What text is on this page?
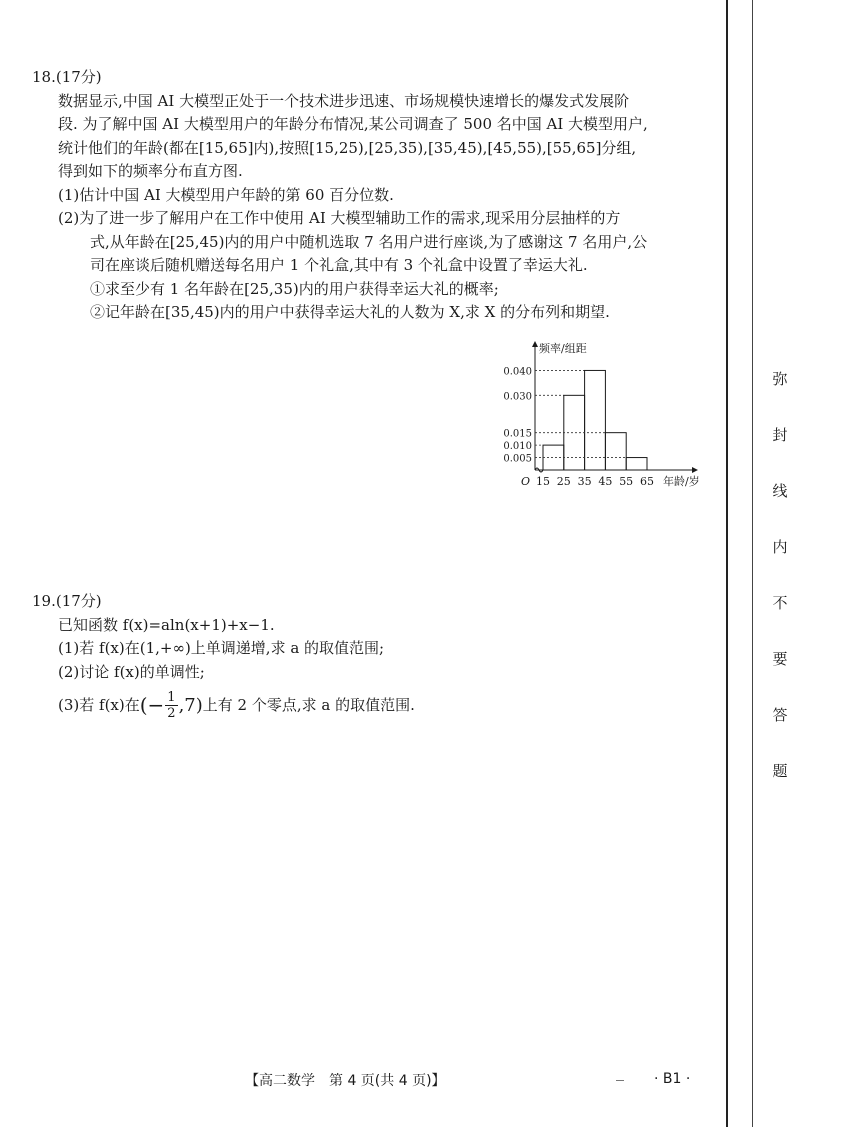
18.(17分)
数据显示,中国 AI 大模型正处于一个技术进步迅速、市场规模快速增长的爆发式发展阶
段. 为了解中国 AI 大模型用户的年龄分布情况,某公司调查了 500 名中国 AI 大模型用户,
统计他们的年龄(都在[15,65]内),按照[15,25),[25,35),[35,45),[45,55),[55,65]分组,
得到如下的频率分布直方图.
(1)估计中国 AI 大模型用户年龄的第 60 百分位数.
(2)为了进一步了解用户在工作中使用 AI 大模型辅助工作的需求,现采用分层抽样的方
式,从年龄在[25,45)内的用户中随机选取 7 名用户进行座谈,为了感谢这 7 名用户,公
司在座谈后随机赠送每名用户 1 个礼盒,其中有 3 个礼盒中设置了幸运大礼.
①求至少有 1 名年龄在[25,35)内的用户获得幸运大礼的概率;
②记年龄在[35,45)内的用户中获得幸运大礼的人数为 X,求 X 的分布列和期望.
0.005
0.010
0.015
0.030
0.040
15 25 35 45 55 65
O	年龄/岁
频率/组距
19.(17分)
已知函数 f(x)=aln(x+1)+x−1.
(1)若 f(x)在(1,+∞)上单调递增,求 a 的取值范围;
(2)讨论 f(x)的单调性;
(3)若 f(x)在 (− $\frac{1}{2} ,7$) 上有 2 个零点,求 a 的取值范围.
弥
封
线
内
不
要
答
题
【高二数学　第 4 页(共 4 页)】	· B1 ·
